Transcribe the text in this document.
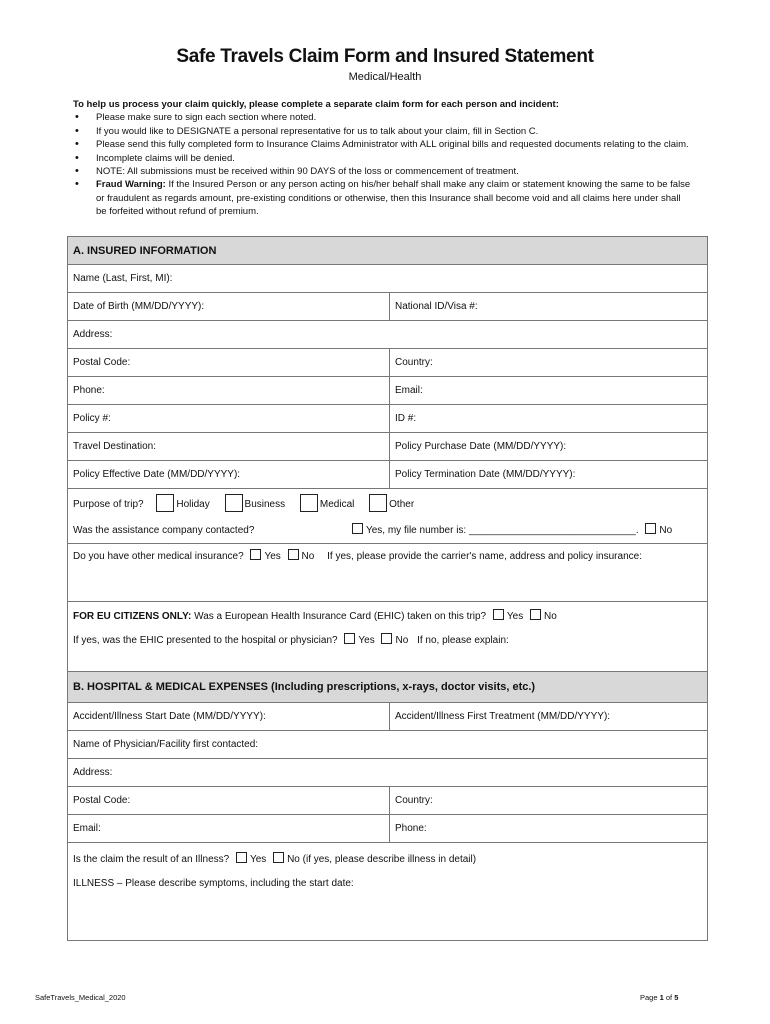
Safe Travels Claim Form and Insured Statement
Medical/Health
To help us process your claim quickly, please complete a separate claim form for each person and incident:
• Please make sure to sign each section where noted.
• If you would like to DESIGNATE a personal representative for us to talk about your claim, fill in Section C.
• Please send this fully completed form to Insurance Claims Administrator with ALL original bills and requested documents relating to the claim.
• Incomplete claims will be denied.
• NOTE: All submissions must be received within 90 DAYS of the loss or commencement of treatment.
• Fraud Warning: If the Insured Person or any person acting on his/her behalf shall make any claim or statement knowing the same to be false or fraudulent as regards amount, pre-existing conditions or otherwise, then this Insurance shall become void and all claims here under shall be forfeited without refund of premium.
A. INSURED INFORMATION	
Name (Last, First, MI):	
Date of Birth (MM/DD/YYYY):	National ID/Visa #:
Address:	
Postal Code:	Country:
Phone:	Email:
Policy #:	ID #:
Travel Destination:	Policy Purchase Date (MM/DD/YYYY):
Policy Effective Date (MM/DD/YYYY):	Policy Termination Date (MM/DD/YYYY):
Purpose of trip? Holiday Business Medical Other	
Was the assistance company contacted? Yes, my file number is: ______________________________. No	
Do you have other medical insurance? Yes No If yes, please provide the carrier's name, address and policy insurance:	
FOR EU CITIZENS ONLY: Was a European Health Insurance Card (EHIC) taken on this trip? Yes No	
If yes, was the EHIC presented to the hospital or physician? Yes No If no, please explain:	
B. HOSPITAL & MEDICAL EXPENSES (Including prescriptions, x-rays, doctor visits, etc.)	
Accident/Illness Start Date (MM/DD/YYYY):	Accident/Illness First Treatment (MM/DD/YYYY):
Name of Physician/Facility first contacted:	
Address:	
Postal Code:	Country:
Email:	Phone:
Is the claim the result of an Illness? Yes No (if yes, please describe illness in detail)	
ILLNESS – Please describe symptoms, including the start date:	
SafeTravels_Medical_2020	Page 1 of 5
